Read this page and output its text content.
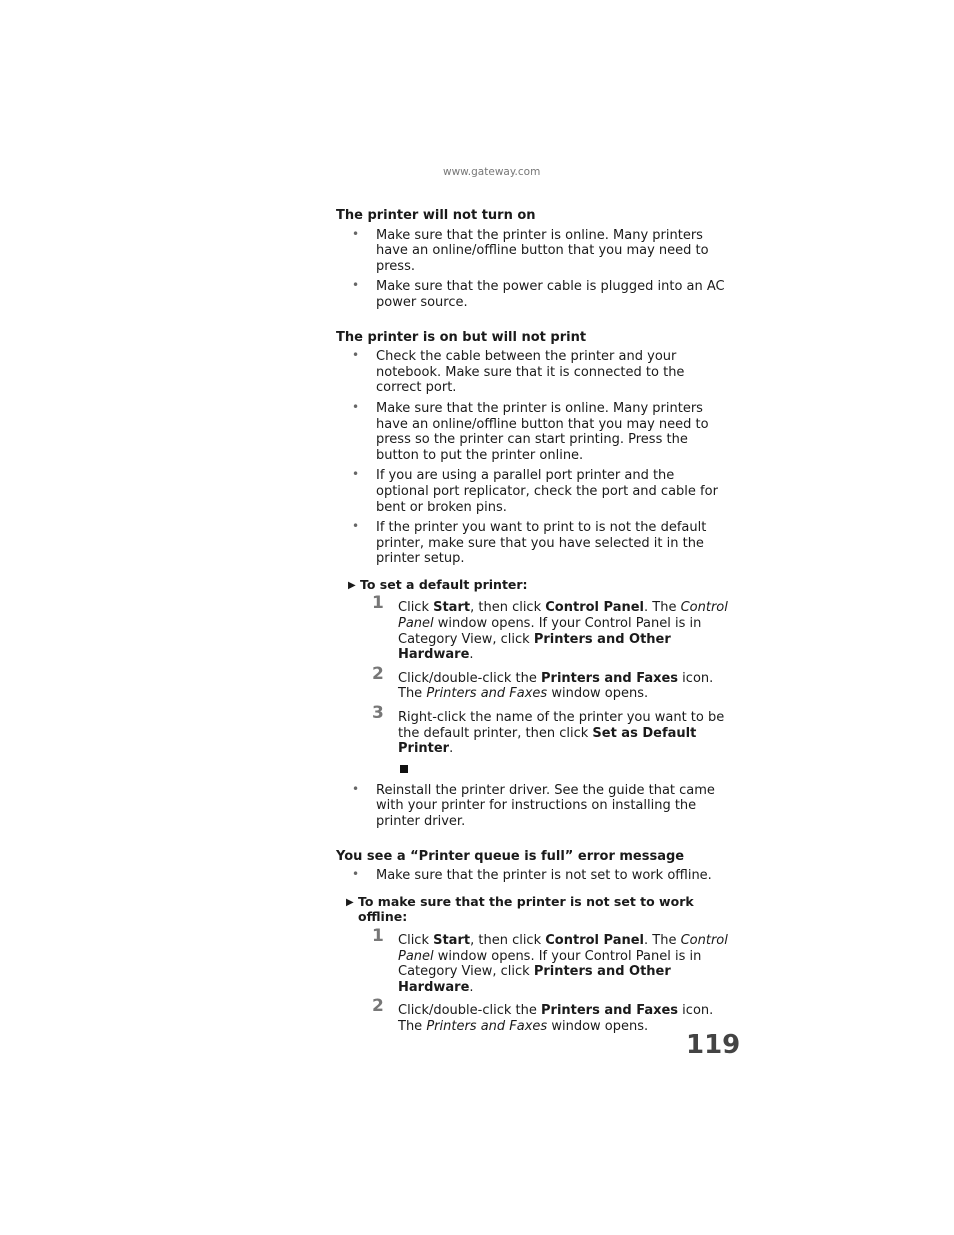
www.gateway.com
The printer will not turn on
• Make sure that the printer is online. Many printers have an online/offline button that you may need to press.
• Make sure that the power cable is plugged into an AC power source.
The printer is on but will not print
• Check the cable between the printer and your notebook. Make sure that it is connected to the correct port.
• Make sure that the printer is online. Many printers have an online/offline button that you may need to press so the printer can start printing. Press the button to put the printer online.
• If you are using a parallel port printer and the optional port replicator, check the port and cable for bent or broken pins.
• If the printer you want to print to is not the default printer, make sure that you have selected it in the printer setup.
▶ To set a default printer:
1 Click Start, then click Control Panel. The Control Panel window opens. If your Control Panel is in Category View, click Printers and Other Hardware.
2 Click/double-click the Printers and Faxes icon. The Printers and Faxes window opens.
3 Right-click the name of the printer you want to be the default printer, then click Set as Default Printer.
• Reinstall the printer driver. See the guide that came with your printer for instructions on installing the printer driver.
You see a “Printer queue is full” error message
• Make sure that the printer is not set to work offline.
▶ To make sure that the printer is not set to work offline:
1 Click Start, then click Control Panel. The Control Panel window opens. If your Control Panel is in Category View, click Printers and Other Hardware.
2 Click/double-click the Printers and Faxes icon. The Printers and Faxes window opens.
119
